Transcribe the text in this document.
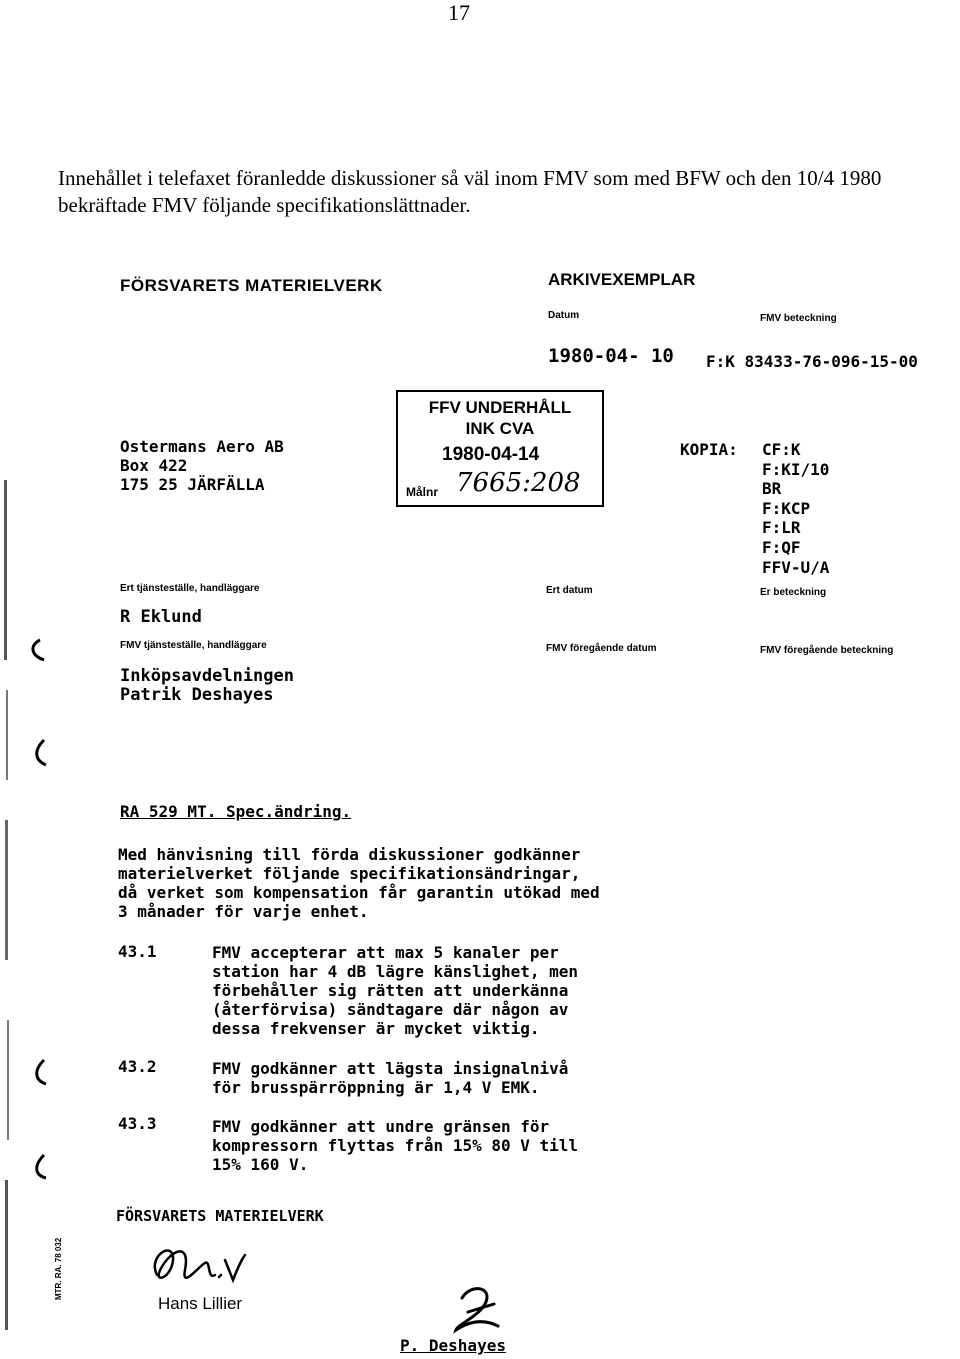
17
Innehållet i telefaxet föranledde diskussioner så väl inom FMV som med BFW och den 10/4 1980 bekräftade FMV följande specifikationslättnader.
FÖRSVARETS MATERIELVERK	ARKIVEXEMPLAR
Datum	FMV beteckning
1980-04- 10 F:K 83433-76-096-15-00
Ostermans Aero AB
Box 422
175 25 JÄRFÄLLA
FFV UNDERHÅLL
INK CVA
1980-04-14
Målnr 7665:208
KOPIA: CF:K
F:KI/10
BR
F:KCP
F:LR
F:QF
FFV-U/A
Ert tjänsteställe, handläggare	Ert datum	Er beteckning
R Eklund
FMV tjänsteställe, handläggare	FMV föregående datum	FMV föregående beteckning
Inköpsavdelningen
Patrik Deshayes
RA 529 MT. Spec.ändring.
Med hänvisning till förda diskussioner godkänner
materielverket följande specifikationsändringar,
då verket som kompensation får garantin utökad med
3 månader för varje enhet.
43.1	FMV accepterar att max 5 kanaler per
station har 4 dB lägre känslighet, men
förbehåller sig rätten att underkänna
(återförvisa) sändtagare där någon av
dessa frekvenser är mycket viktig.
43.2	FMV godkänner att lägsta insignalnivå
för brusspärröppning är 1,4 V EMK.
43.3	FMV godkänner att undre gränsen för
kompressorn flyttas från 15% 80 V till
15% 160 V.
FÖRSVARETS MATERIELVERK
Hans Lillier
P. Deshayes
MTR. RA. 78 032
